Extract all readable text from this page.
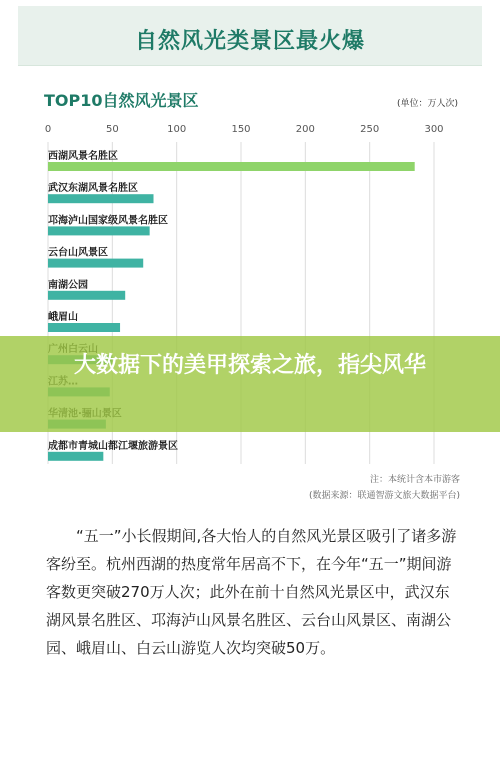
自然风光类景区最火爆
TOP10自然风光景区	(单位：万人次)
0	50	100	150	200	250	300
西湖风景名胜区
武汉东湖风景名胜区
邛海泸山国家级风景名胜区
云台山风景区
南湖公园
峨眉山
成都市青城山都江堰旅游景区
注：本统计含本市游客
(数据来源：联通智游文旅大数据平台)

“五一”小长假期间,各大怡人的自然风光景区吸引了诸多游客纷至。杭州西湖的热度常年居高不下，在今年“五一”期间游客数更突破270万人次；此外在前十自然风光景区中，武汉东湖风景名胜区、邛海泸山风景名胜区、云台山风景区、南湖公园、峨眉山、白云山游览人次均突破50万。

大数据下的美甲探索之旅，指尖风华
